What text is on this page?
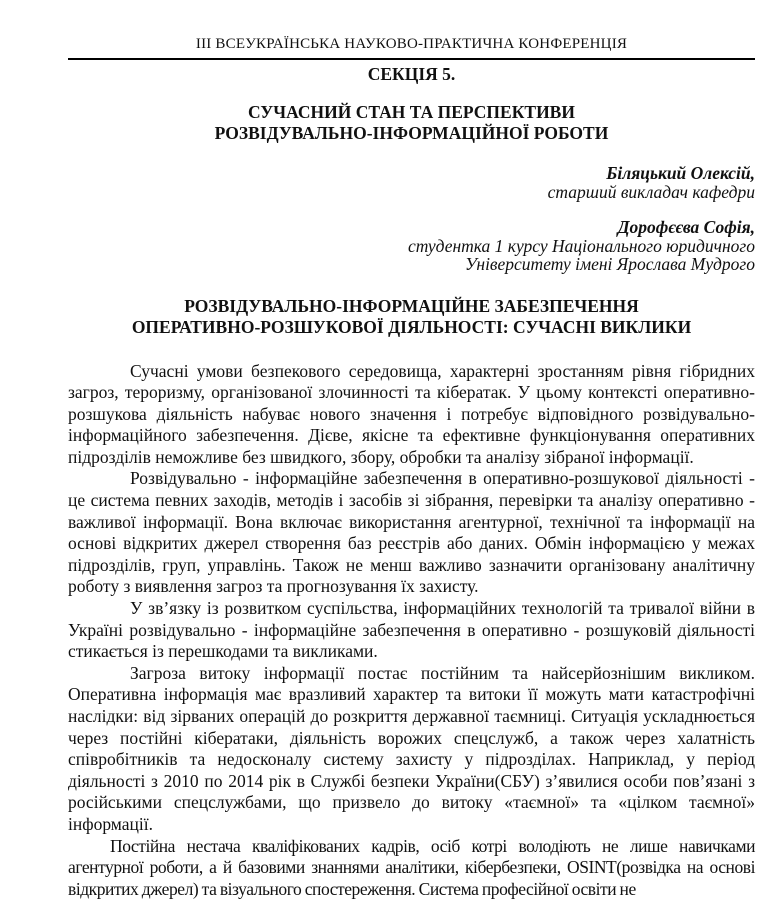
ІІІ ВСЕУКРАЇНСЬКА НАУКОВО-ПРАКТИЧНА КОНФЕРЕНЦІЯ
СЕКЦІЯ 5.
СУЧАСНИЙ СТАН ТА ПЕРСПЕКТИВИ РОЗВІДУВАЛЬНО-ІНФОРМАЦІЙНОЇ РОБОТИ
Біляцький Олексій,
старший викладач кафедри
Дорофєєва Софія,
студентка 1 курсу Національного юридичного Університету імені Ярослава Мудрого
РОЗВІДУВАЛЬНО-ІНФОРМАЦІЙНЕ ЗАБЕЗПЕЧЕННЯ ОПЕРАТИВНО-РОЗШУКОВОЇ ДІЯЛЬНОСТІ: СУЧАСНІ ВИКЛИКИ

Сучасні умови безпекового середовища, характерні зростанням рівня гібридних загроз, тероризму, організованої злочинності та кібератак. У цьому контексті оперативно-розшукова діяльність набуває нового значення і потребує відповідного розвідувально-інформаційного забезпечення. Дієве, якісне та ефективне функціонування оперативних підрозділів неможливе без швидкого, збору, обробки та аналізу зібраної інформації.

Розвідувально - інформаційне забезпечення в оперативно-розшукової діяльності - це система певних заходів, методів і засобів зі зібрання, перевірки та аналізу оперативно - важливої інформації. Вона включає використання агентурної, технічної та інформації на основі відкритих джерел створення баз реєстрів або даних. Обмін інформацією у межах підрозділів, груп, управлінь. Також не менш важливо зазначити організовану аналітичну роботу з виявлення загроз та прогнозування їх захисту.

У зв’язку із розвитком суспільства, інформаційних технологій та тривалої війни в Україні розвідувально - інформаційне забезпечення в оперативно - розшуковій діяльності стикається із перешкодами та викликами.

Загроза витоку інформації постає постійним та найсерйознішим викликом. Оперативна інформація має вразливий характер та витоки її можуть мати катастрофічні наслідки: від зірваних операцій до розкриття державної таємниці. Ситуація ускладнюється через постійні кібератаки, діяльність ворожих спецслужб, а також через халатність співробітників та недосконалу систему захисту у підрозділах. Наприклад, у період діяльності з 2010 по 2014 рік в Службі безпеки України(СБУ) з’явилися особи пов’язані з російськими спецслужбами, що призвело до витоку «таємної» та «цілком таємної» інформації.

Постійна нестача кваліфікованих кадрів, осіб котрі володіють не лише навичками агентурної роботи, а й базовими знаннями аналітики, кібербезпеки, OSINT(розвідка на основі відкритих джерел) та візуального спостереження. Система професійної освіти не
